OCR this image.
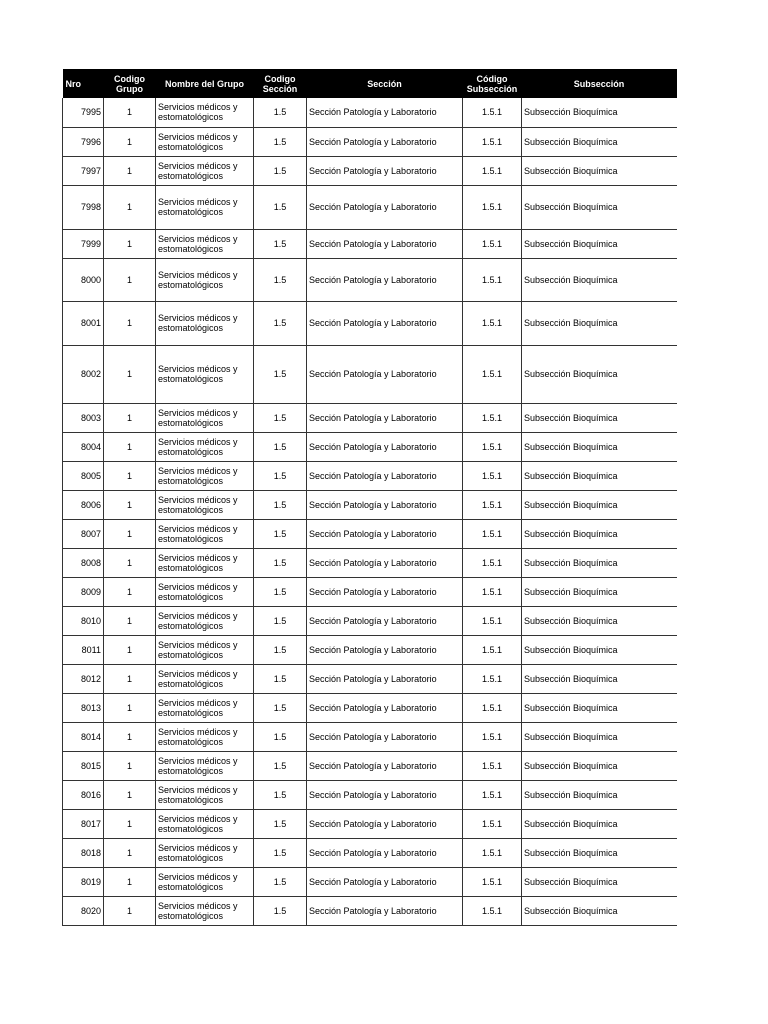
Nro	Codigo Grupo	Nombre del Grupo	Codigo Sección	Sección	Código Subsección	Subsección
7995	1	Servicios médicos y estomatológicos	1.5	Sección Patología y Laboratorio	1.5.1	Subsección Bioquímica
7996	1	Servicios médicos y estomatológicos	1.5	Sección Patología y Laboratorio	1.5.1	Subsección Bioquímica
7997	1	Servicios médicos y estomatológicos	1.5	Sección Patología y Laboratorio	1.5.1	Subsección Bioquímica
7998	1	Servicios médicos y estomatológicos	1.5	Sección Patología y Laboratorio	1.5.1	Subsección Bioquímica
7999	1	Servicios médicos y estomatológicos	1.5	Sección Patología y Laboratorio	1.5.1	Subsección Bioquímica
8000	1	Servicios médicos y estomatológicos	1.5	Sección Patología y Laboratorio	1.5.1	Subsección Bioquímica
8001	1	Servicios médicos y estomatológicos	1.5	Sección Patología y Laboratorio	1.5.1	Subsección Bioquímica
8002	1	Servicios médicos y estomatológicos	1.5	Sección Patología y Laboratorio	1.5.1	Subsección Bioquímica
8003	1	Servicios médicos y estomatológicos	1.5	Sección Patología y Laboratorio	1.5.1	Subsección Bioquímica
8004	1	Servicios médicos y estomatológicos	1.5	Sección Patología y Laboratorio	1.5.1	Subsección Bioquímica
8005	1	Servicios médicos y estomatológicos	1.5	Sección Patología y Laboratorio	1.5.1	Subsección Bioquímica
8006	1	Servicios médicos y estomatológicos	1.5	Sección Patología y Laboratorio	1.5.1	Subsección Bioquímica
8007	1	Servicios médicos y estomatológicos	1.5	Sección Patología y Laboratorio	1.5.1	Subsección Bioquímica
8008	1	Servicios médicos y estomatológicos	1.5	Sección Patología y Laboratorio	1.5.1	Subsección Bioquímica
8009	1	Servicios médicos y estomatológicos	1.5	Sección Patología y Laboratorio	1.5.1	Subsección Bioquímica
8010	1	Servicios médicos y estomatológicos	1.5	Sección Patología y Laboratorio	1.5.1	Subsección Bioquímica
8011	1	Servicios médicos y estomatológicos	1.5	Sección Patología y Laboratorio	1.5.1	Subsección Bioquímica
8012	1	Servicios médicos y estomatológicos	1.5	Sección Patología y Laboratorio	1.5.1	Subsección Bioquímica
8013	1	Servicios médicos y estomatológicos	1.5	Sección Patología y Laboratorio	1.5.1	Subsección Bioquímica
8014	1	Servicios médicos y estomatológicos	1.5	Sección Patología y Laboratorio	1.5.1	Subsección Bioquímica
8015	1	Servicios médicos y estomatológicos	1.5	Sección Patología y Laboratorio	1.5.1	Subsección Bioquímica
8016	1	Servicios médicos y estomatológicos	1.5	Sección Patología y Laboratorio	1.5.1	Subsección Bioquímica
8017	1	Servicios médicos y estomatológicos	1.5	Sección Patología y Laboratorio	1.5.1	Subsección Bioquímica
8018	1	Servicios médicos y estomatológicos	1.5	Sección Patología y Laboratorio	1.5.1	Subsección Bioquímica
8019	1	Servicios médicos y estomatológicos	1.5	Sección Patología y Laboratorio	1.5.1	Subsección Bioquímica
8020	1	Servicios médicos y estomatológicos	1.5	Sección Patología y Laboratorio	1.5.1	Subsección Bioquímica
